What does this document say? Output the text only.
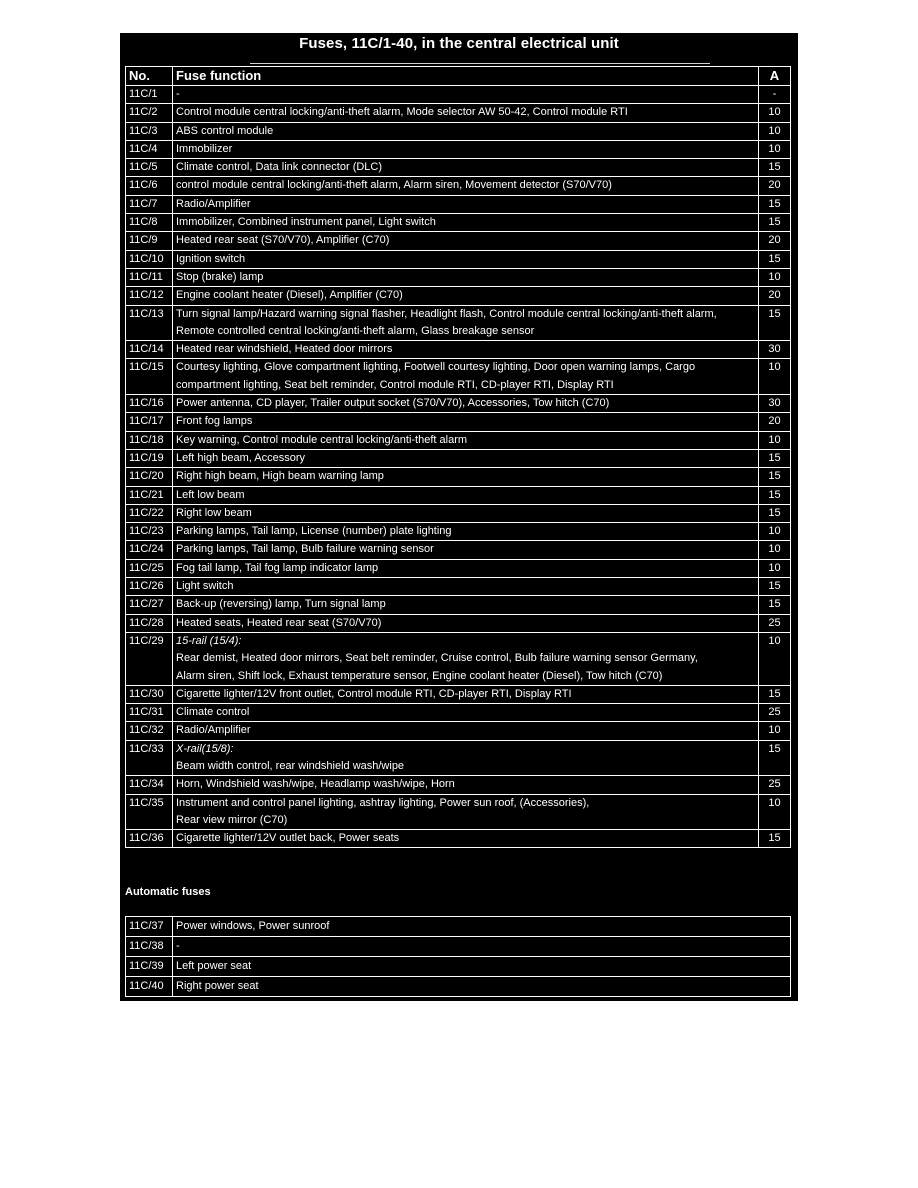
Fuses, 11C/1-40, in the central electrical unit
No.	Fuse function	A
11C/1	-	-
11C/2	Control module central locking/anti-theft alarm, Mode selector AW 50-42, Control module RTI	10
11C/3	ABS control module	10
11C/4	Immobilizer	10
11C/5	Climate control, Data link connector (DLC)	15
11C/6	control module central locking/anti-theft alarm, Alarm siren, Movement detector (S70/V70)	20
11C/7	Radio/Amplifier	15
11C/8	Immobilizer, Combined instrument panel, Light switch	15
11C/9	Heated rear seat (S70/V70), Amplifier (C70)	20
11C/10	Ignition switch	15
11C/11	Stop (brake) lamp	10
11C/12	Engine coolant heater (Diesel), Amplifier (C70)	20
11C/13	Turn signal lamp/Hazard warning signal flasher, Headlight flash, Control module central locking/anti-theft alarm,
Remote controlled central locking/anti-theft alarm, Glass breakage sensor	15
11C/14	Heated rear windshield, Heated door mirrors	30
11C/15	Courtesy lighting, Glove compartment lighting, Footwell courtesy lighting, Door open warning lamps, Cargo
compartment lighting, Seat belt reminder, Control module RTI, CD-player RTI, Display RTI	10
11C/16	Power antenna, CD player, Trailer output socket (S70/V70), Accessories, Tow hitch (C70)	30
11C/17	Front fog lamps	20
11C/18	Key warning, Control module central locking/anti-theft alarm	10
11C/19	Left high beam, Accessory	15
11C/20	Right high beam, High beam warning lamp	15
11C/21	Left low beam	15
11C/22	Right low beam	15
11C/23	Parking lamps, Tail lamp, License (number) plate lighting	10
11C/24	Parking lamps, Tail lamp, Bulb failure warning sensor	10
11C/25	Fog tail lamp, Tail fog lamp indicator lamp	10
11C/26	Light switch	15
11C/27	Back-up (reversing) lamp, Turn signal lamp	15
11C/28	Heated seats, Heated rear seat (S70/V70)	25
11C/29	15-rail (15/4):
Rear demist, Heated door mirrors, Seat belt reminder, Cruise control, Bulb failure warning sensor Germany,
Alarm siren, Shift lock, Exhaust temperature sensor, Engine coolant heater (Diesel), Tow hitch (C70)	10
11C/30	Cigarette lighter/12V front outlet, Control module RTI, CD-player RTI, Display RTI	15
11C/31	Climate control	25
11C/32	Radio/Amplifier	10
11C/33	X-rail(15/8):
Beam width control, rear windshield wash/wipe	15
11C/34	Horn, Windshield wash/wipe, Headlamp wash/wipe, Horn	25
11C/35	Instrument and control panel lighting, ashtray lighting, Power sun roof, (Accessories),
Rear view mirror (C70)	10
11C/36	Cigarette lighter/12V outlet back, Power seats	15
Automatic fuses
11C/37	Power windows, Power sunroof
11C/38	-
11C/39	Left power seat
11C/40	Right power seat
